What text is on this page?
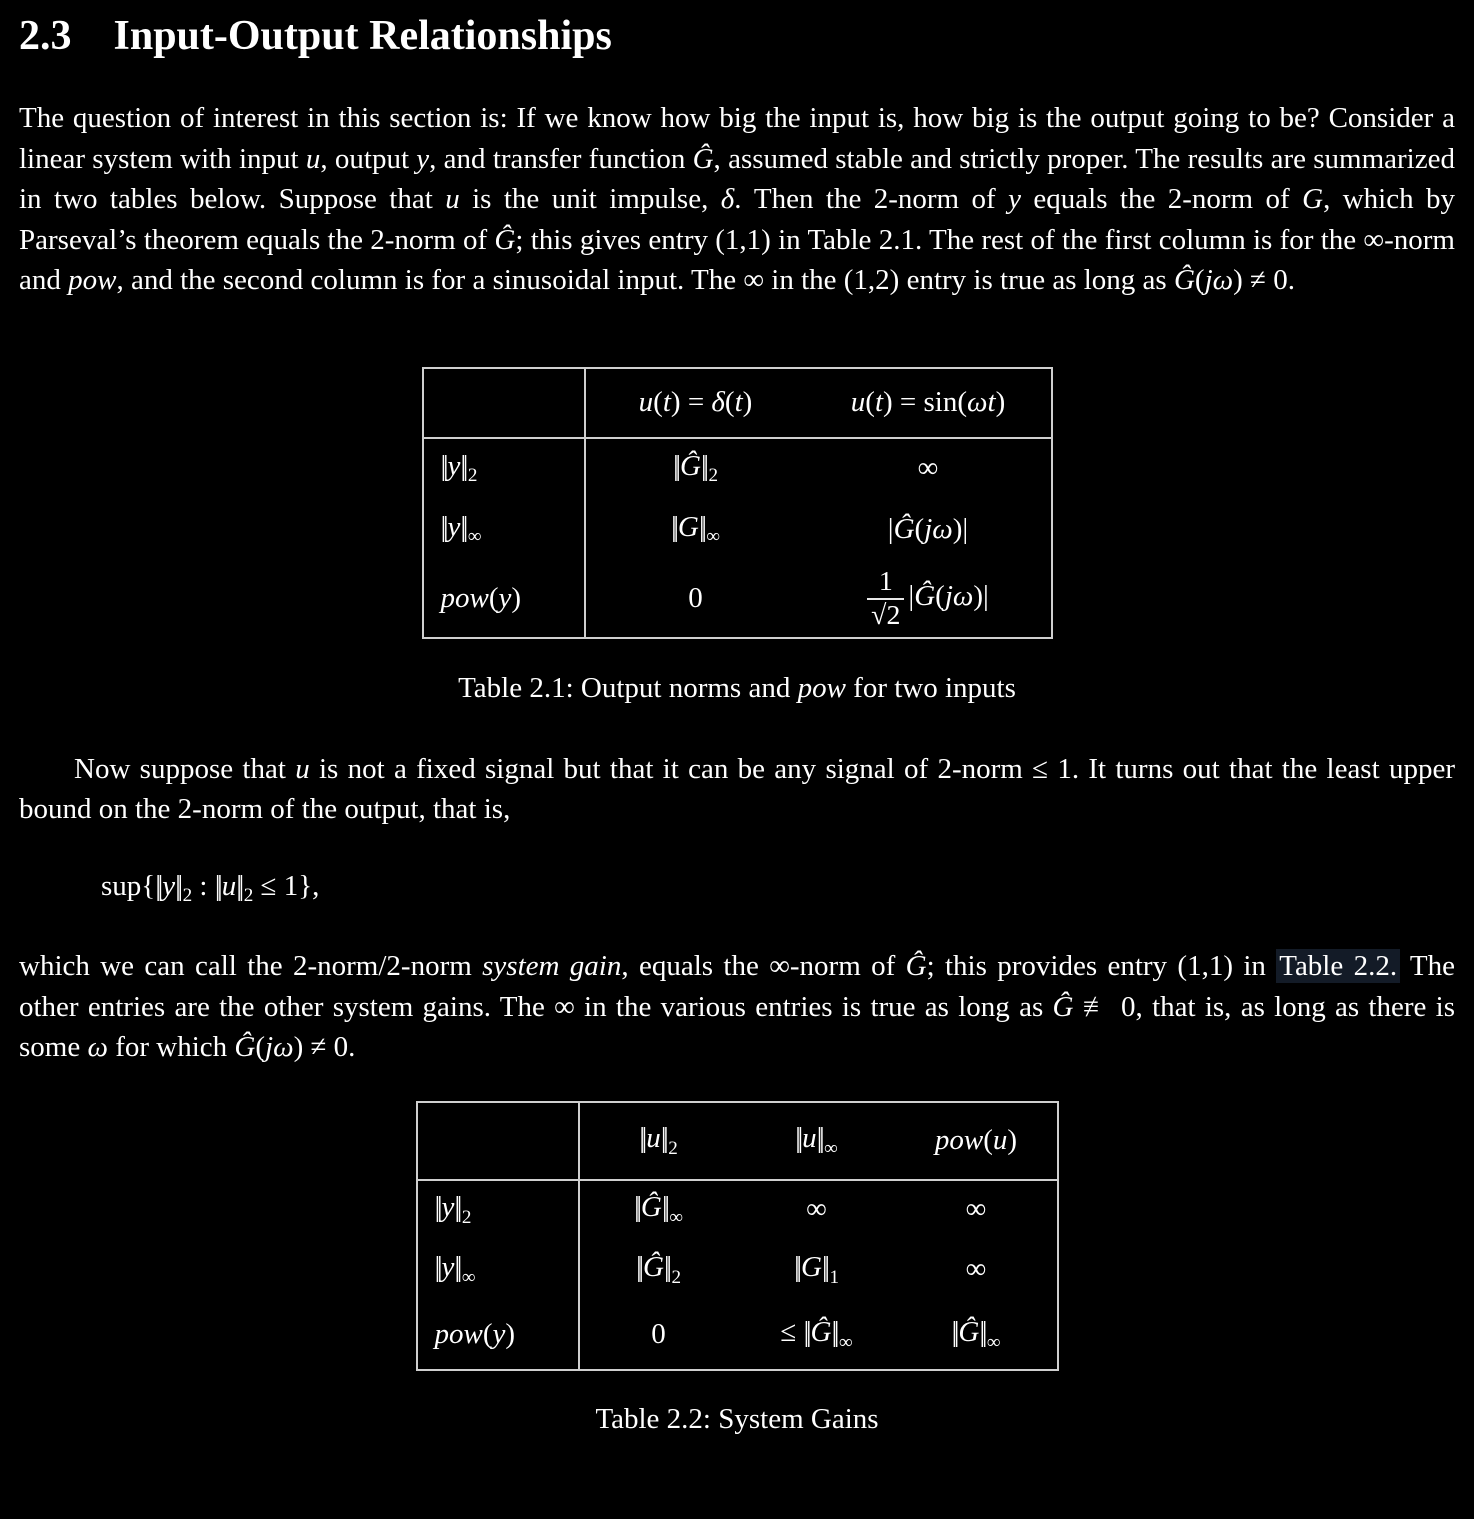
2.3 Input-Output Relationships

The question of interest in this section is: If we know how big the input is, how big is the output going to be? Consider a linear system with input u, output y, and transfer function Ĝ, assumed stable and strictly proper. The results are summarized in two tables below. Suppose that u is the unit impulse, δ. Then the 2-norm of y equals the 2-norm of G, which by Parseval’s theorem equals the 2-norm of Ĝ; this gives entry (1,1) in Table 2.1. The rest of the first column is for the ∞-norm and pow, and the second column is for a sinusoidal input. The ∞ in the (1,2) entry is true as long as Ĝ(jω) ≠ 0.

	u(t) = δ(t)	u(t) = sin(ωt)
||y|| $_2$	||Ĝ|| $_2$	∞
||y|| $_\infty$	||G|| $_\infty$	|Ĝ(jω)|
pow(y)	0	$\frac{1}{√2}$ |Ĝ(jω)|
Table 2.1: Output norms and pow for two inputs

Now suppose that u is not a fixed signal but that it can be any signal of 2-norm ≤ 1. It turns out that the least upper bound on the 2-norm of the output, that is,

sup{||y|| $_2$ : ||u|| $_2$ ≤ 1},

which we can call the 2-norm/2-norm system gain, equals the ∞-norm of Ĝ; this provides entry (1,1) in Table 2.2. The other entries are the other system gains. The ∞ in the various entries is true as long as Ĝ ≢ 0, that is, as long as there is some ω for which Ĝ(jω) ≠ 0.

	||u|| $_2$	||u|| $_\infty$	pow(u)
||y|| $_2$	||Ĝ|| $_\infty$	∞	∞
||y|| $_\infty$	||Ĝ|| $_2$	||G|| $_1$	∞
pow(y)	0	≤ ||Ĝ|| $_\infty$	||Ĝ|| $_\infty$
Table 2.2: System Gains
